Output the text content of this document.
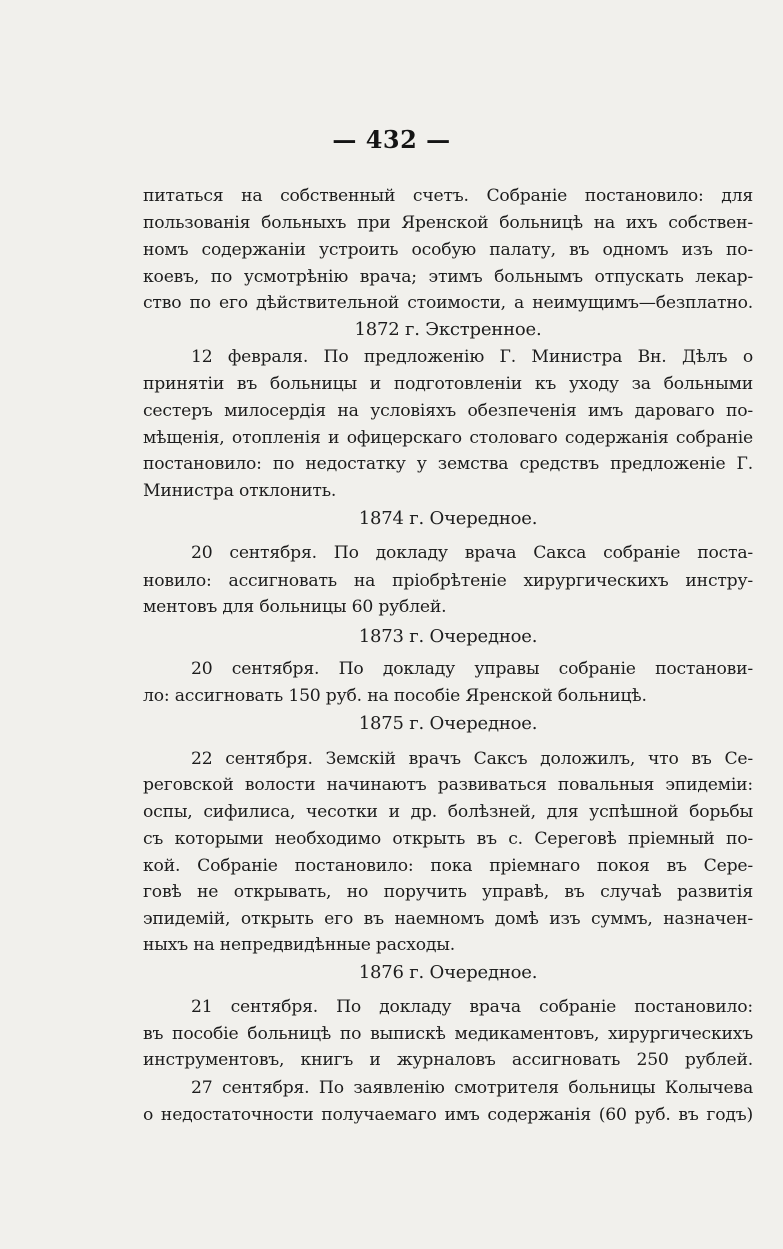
— 432 —
питаться на собственный счетъ. Собраніе постановило: для
пользованія больныхъ при Яренской больницѣ на ихъ собствен-
номъ содержаніи устроить особую палату, въ одномъ изъ по-
коевъ, по усмотрѣнію врача; этимъ больнымъ отпускать лекар-
ство по его дѣйствительной стоимости, а неимущимъ—безплатно.
1872 г. Экстренное.
12 февраля. По предложенію Г. Министра Вн. Дѣлъ о
принятіи въ больницы и подготовленіи къ уходу за больными
сестеръ милосердія на условіяхъ обезпеченія имъ дароваго по-
мѣщенія, отопленія и офицерскаго столоваго содержанія собраніе
постановило: по недостатку у земства средствъ предложеніе Г.
Министра отклонить.
1874 г. Очередное.
20 сентября. По докладу врача Сакса собраніе поста-
новило: ассигновать на пріобрѣтеніе хирургическихъ инстру-
ментовъ для больницы 60 рублей.
1873 г. Очередное.
20 сентября. По докладу управы собраніе постанови-
ло: ассигновать 150 руб. на пособіе Яренской больницѣ.
1875 г. Очередное.
22 сентября. Земскій врачъ Саксъ доложилъ, что въ Се-
реговской волости начинаютъ развиваться повальныя эпидеміи:
оспы, сифилиса, чесотки и др. болѣзней, для успѣшной борьбы
съ которыми необходимо открыть въ с. Сереговѣ пріемный по-
кой. Собраніе постановило: пока пріемнаго покоя въ Сере-
говѣ не открывать, но поручить управѣ, въ случаѣ развитія
эпидемій, открыть его въ наемномъ домѣ изъ суммъ, назначен-
ныхъ на непредвидѣнные расходы.
1876 г. Очередное.
21 сентября. По докладу врача собраніе постановило:
въ пособіе больницѣ по выпискѣ медикаментовъ, хирургическихъ
инструментовъ, книгъ и журналовъ ассигновать 250 рублей.
27 сентября. По заявленію смотрителя больницы Колычева
о недостаточности получаемаго имъ содержанія (60 руб. въ годъ)
